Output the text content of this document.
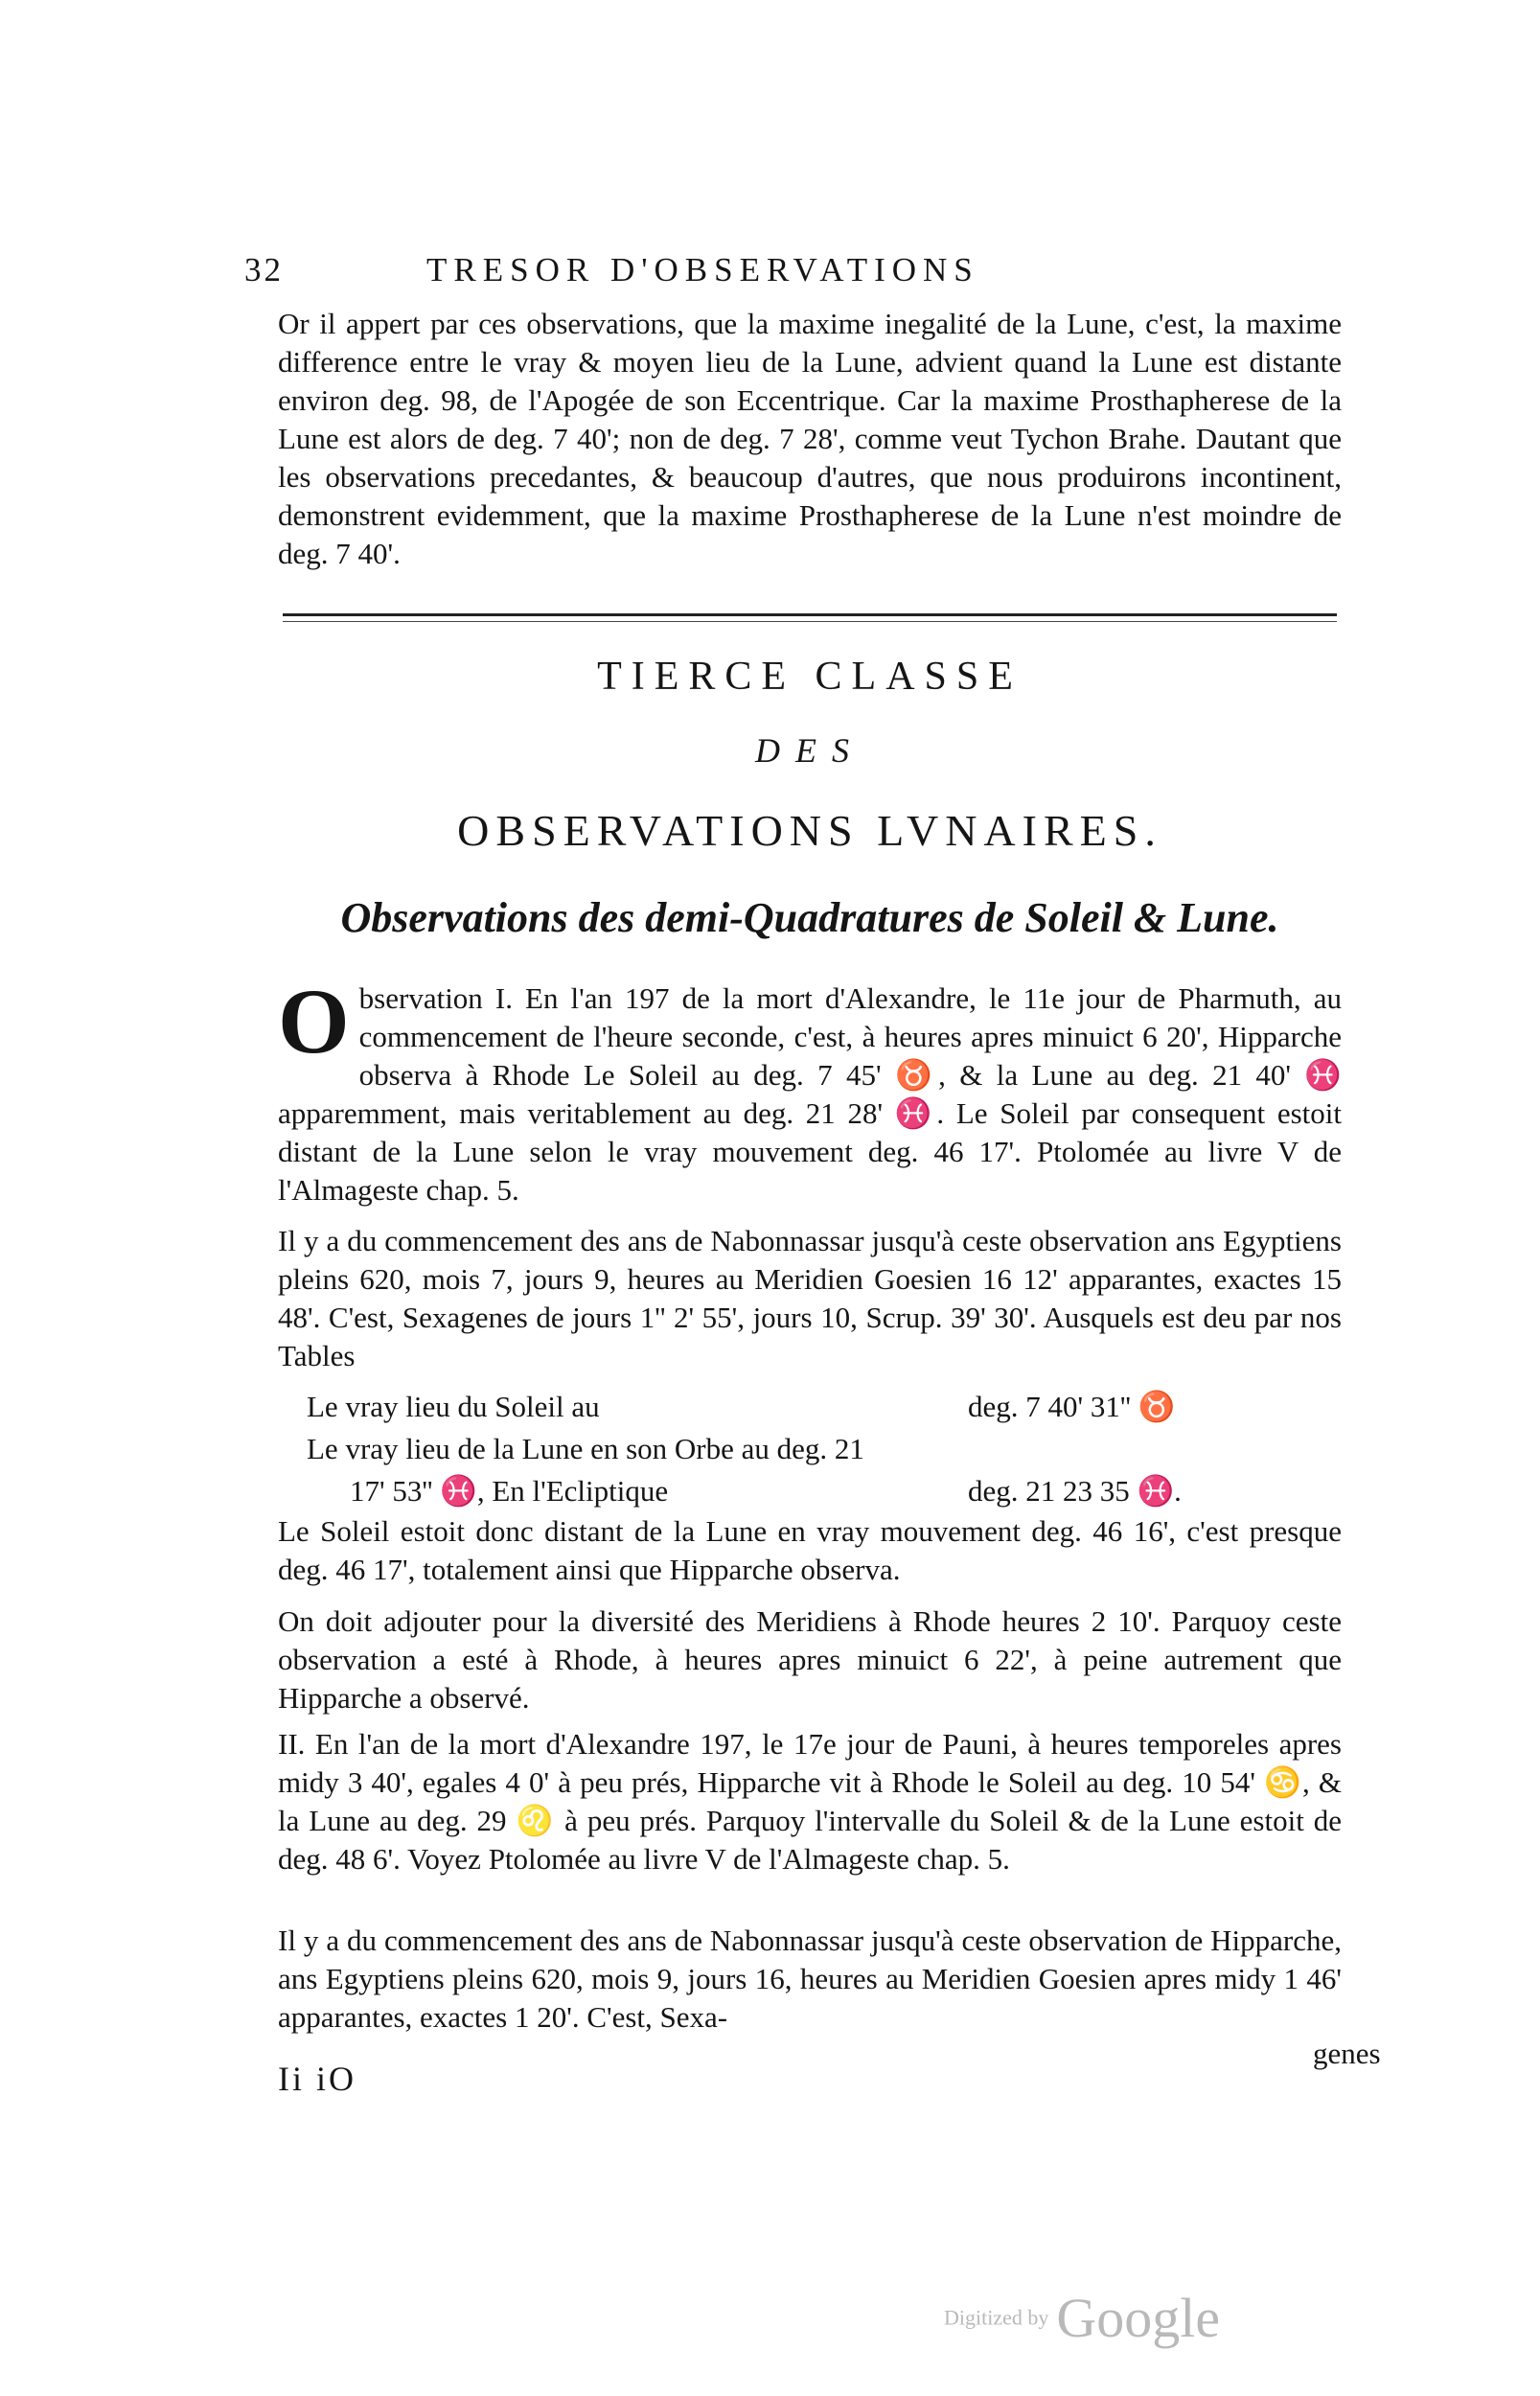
32	TRESOR D'OBSERVATIONS

Or il appert par ces observations, que la maxime inegalité de la Lune, c'est, la maxime difference entre le vray & moyen lieu de la Lune, advient quand la Lune est distante environ deg. 98, de l'Apogée de son Eccentrique. Car la maxime Prosthapherese de la Lune est alors de deg. 7 40'; non de deg. 7 28', comme veut Tychon Brahe. Dautant que les observations precedantes, & beaucoup d'autres, que nous produirons incontinent, demonstrent evidemment, que la maxime Prosthapherese de la Lune n'est moindre de deg. 7 40'.

TIERCE CLASSE
DES
OBSERVATIONS LVNAIRES.
Observations des demi-Quadratures de Soleil & Lune.

O bservation I. En l'an 197 de la mort d'Alexandre, le 11e jour de Pharmuth, au commencement de l'heure seconde, c'est, à heures apres minuict 6 20', Hipparche observa à Rhode Le Soleil au deg. 7 45' ♉, & la Lune au deg. 21 40' ♓ apparemment, mais veritablement au deg. 21 28' ♓. Le Soleil par consequent estoit distant de la Lune selon le vray mouvement deg. 46 17'. Ptolomée au livre V de l'Almageste chap. 5.

Il y a du commencement des ans de Nabonnassar jusqu'à ceste observation ans Egyptiens pleins 620, mois 7, jours 9, heures au Meridien Goesien 16 12' apparantes, exactes 15 48'. C'est, Sexagenes de jours 1'' 2' 55', jours 10, Scrup. 39' 30'. Ausquels est deu par nos Tables

Le vray lieu du Soleil au	deg. 7 40' 31'' ♉
Le vray lieu de la Lune en son Orbe au deg. 21
17' 53'' ♓, En l'Ecliptique	deg. 21 23 35 ♓.

Le Soleil estoit donc distant de la Lune en vray mouvement deg. 46 16', c'est presque deg. 46 17', totalement ainsi que Hipparche observa.

On doit adjouter pour la diversité des Meridiens à Rhode heures 2 10'. Parquoy ceste observation a esté à Rhode, à heures apres minuict 6 22', à peine autrement que Hipparche a observé.

II. En l'an de la mort d'Alexandre 197, le 17e jour de Pauni, à heures temporeles apres midy 3 40', egales 4 0' à peu prés, Hipparche vit à Rhode le Soleil au deg. 10 54' ♋, & la Lune au deg. 29 ♌ à peu prés. Parquoy l'intervalle du Soleil & de la Lune estoit de deg. 48 6'. Voyez Ptolomée au livre V de l'Almageste chap. 5.

Il y a du commencement des ans de Nabonnassar jusqu'à ceste observation de Hipparche, ans Egyptiens pleins 620, mois 9, jours 16, heures au Meridien Goesien apres midy 1 46' apparantes, exactes 1 20'. C'est, Sexa-

genes
Ii iO
Digitized by Google
